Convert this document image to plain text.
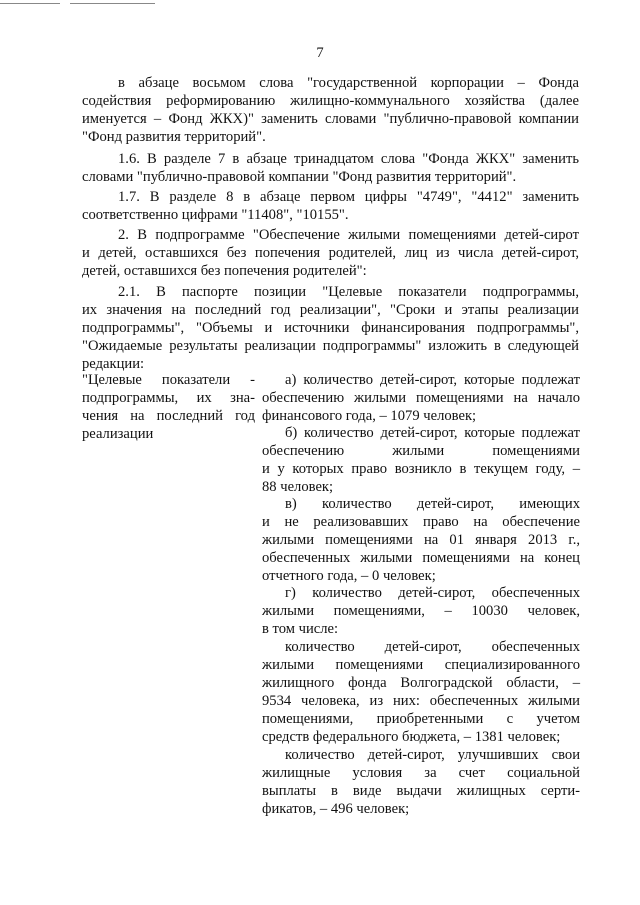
7
в абзаце восьмом слова "государственной корпорации – Фонда
содействия реформированию жилищно-коммунального хозяйства (далее
именуется – Фонд ЖКХ)" заменить словами "публично-правовой компании
"Фонд развития территорий".
1.6. В разделе 7 в абзаце тринадцатом слова "Фонда ЖКХ" заменить
словами "публично-правовой компании "Фонд развития территорий".
1.7. В разделе 8 в абзаце первом цифры "4749", "4412" заменить
соответственно цифрами "11408", "10155".
2. В подпрограмме "Обеспечение жилыми помещениями детей-сирот
и детей, оставшихся без попечения родителей, лиц из числа детей-сирот,
детей, оставшихся без попечения родителей":
2.1. В паспорте позиции "Целевые показатели подпрограммы,
их значения на последний год реализации", "Сроки и этапы реализации
подпрограммы", "Объемы и источники финансирования подпрограммы",
"Ожидаемые результаты реализации подпрограммы" изложить в следующей
редакции:
"Целевые показатели -
подпрограммы, их зна-
чения на последний год
реализации
а) количество детей-сирот, которые подлежат
обеспечению жилыми помещениями на начало
финансового года, – 1079 человек;
б) количество детей-сирот, которые подлежат
обеспечению жилыми помещениями
и у которых право возникло в текущем году, –
88 человек;
в) количество детей-сирот, имеющих
и не реализовавших право на обеспечение
жилыми помещениями на 01 января 2013 г.,
обеспеченных жилыми помещениями на конец
отчетного года, – 0 человек;
г) количество детей-сирот, обеспеченных
жилыми помещениями, – 10030 человек,
в том числе:
количество детей-сирот, обеспеченных
жилыми помещениями специализированного
жилищного фонда Волгоградской области, –
9534 человека, из них: обеспеченных жилыми
помещениями, приобретенными с учетом
средств федерального бюджета, – 1381 человек;
количество детей-сирот, улучшивших свои
жилищные условия за счет социальной
выплаты в виде выдачи жилищных серти-
фикатов, – 496 человек;
